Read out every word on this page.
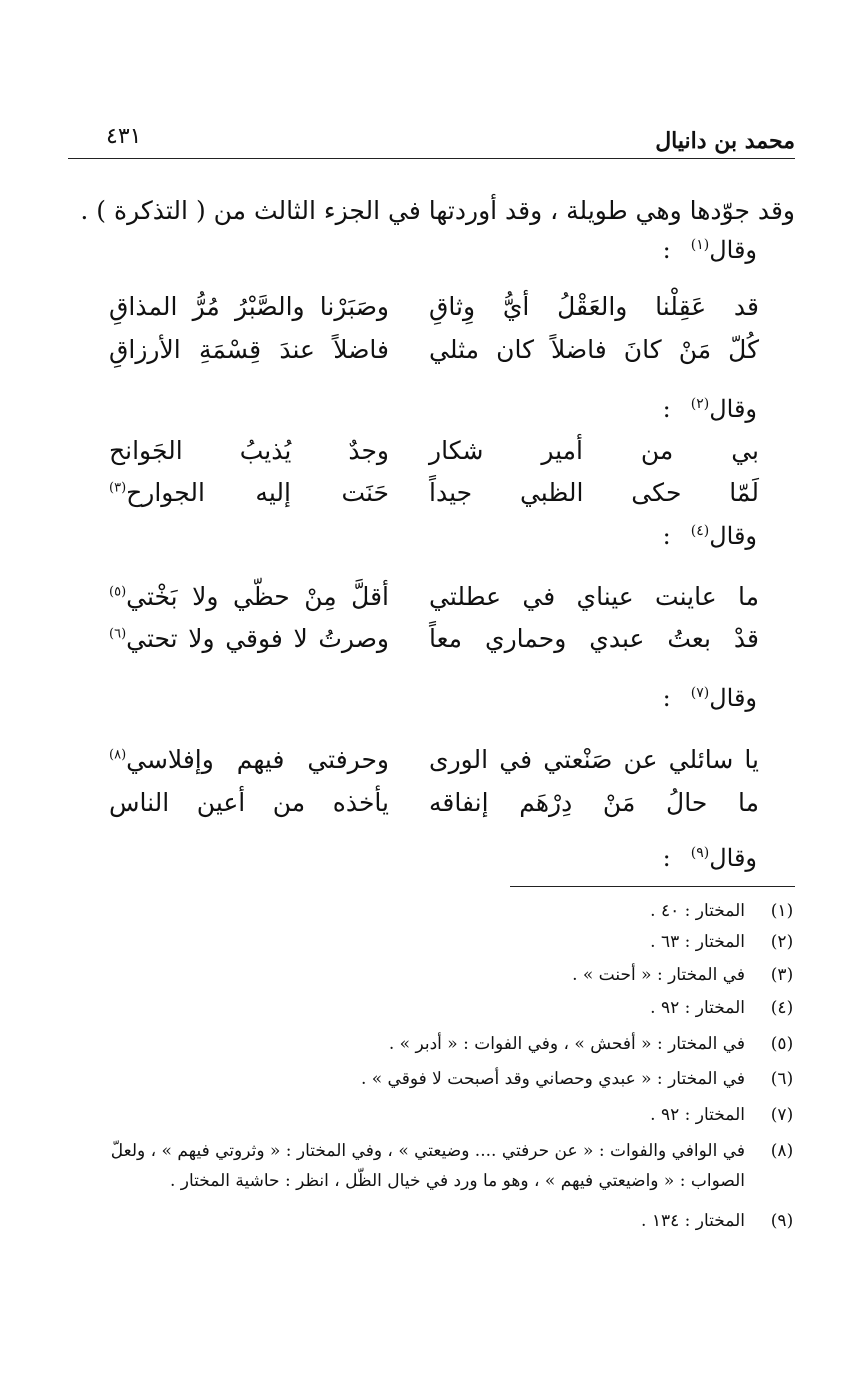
محمد بن دانيال
٤٣١

وقد جوّدها وهي طويلة ، وقد أوردتها في الجزء الثالث من ( التذكرة ) .

وقال$^{(١)}$:
قد عَقِلْنا والعَقْلُ أيُّ وِثاقِ
وصَبَرْنا والصَّبْرُ مُرُّ المذاقِ
كُلّ مَنْ كانَ فاضلاً كان مثلي
فاضلاً عندَ قِسْمَةِ الأرزاقِ
وقال$^{(٢)}$:
بي من أمير شكار
وجدٌ يُذيبُ الجَوانح
لَمّا حكى الظبي جيداً
حَنَت إليه الجوارح$^{(٣)}$
وقال$^{(٤)}$:
ما عاينت عيناي في عطلتي
أقلَّ مِنْ حظّي ولا بَخْتي$^{(٥)}$
قدْ بعتُ عبدي وحماري معاً
وصرتُ لا فوقي ولا تحتي$^{(٦)}$
وقال$^{(٧)}$:
يا سائلي عن صَنْعتي في الورى
وحرفتي فيهم وإفلاسي$^{(٨)}$
ما حالُ مَنْ دِرْهَم إنفاقه
يأخذه من أعين الناس
وقال$^{(٩)}$:
(١)
المختار : ٤٠ .
(٢)
المختار : ٦٣ .
(٣)
في المختار : « أحنت » .
(٤)
المختار : ٩٢ .
(٥)
في المختار : « أفحش » ، وفي الفوات : « أدبر » .
(٦)
في المختار : « عبدي وحصاني وقد أصبحت لا فوقي » .
(٧)
المختار : ٩٢ .
(٨)
في الوافي والفوات : « عن حرفتي .... وضيعتي » ، وفي المختار : « وثروتي فيهم » ، ولعلّ الصواب : « واضيعتي فيهم » ، وهو ما ورد في خيال الظّل ، انظر : حاشية المختار .
(٩)
المختار : ١٣٤ .
